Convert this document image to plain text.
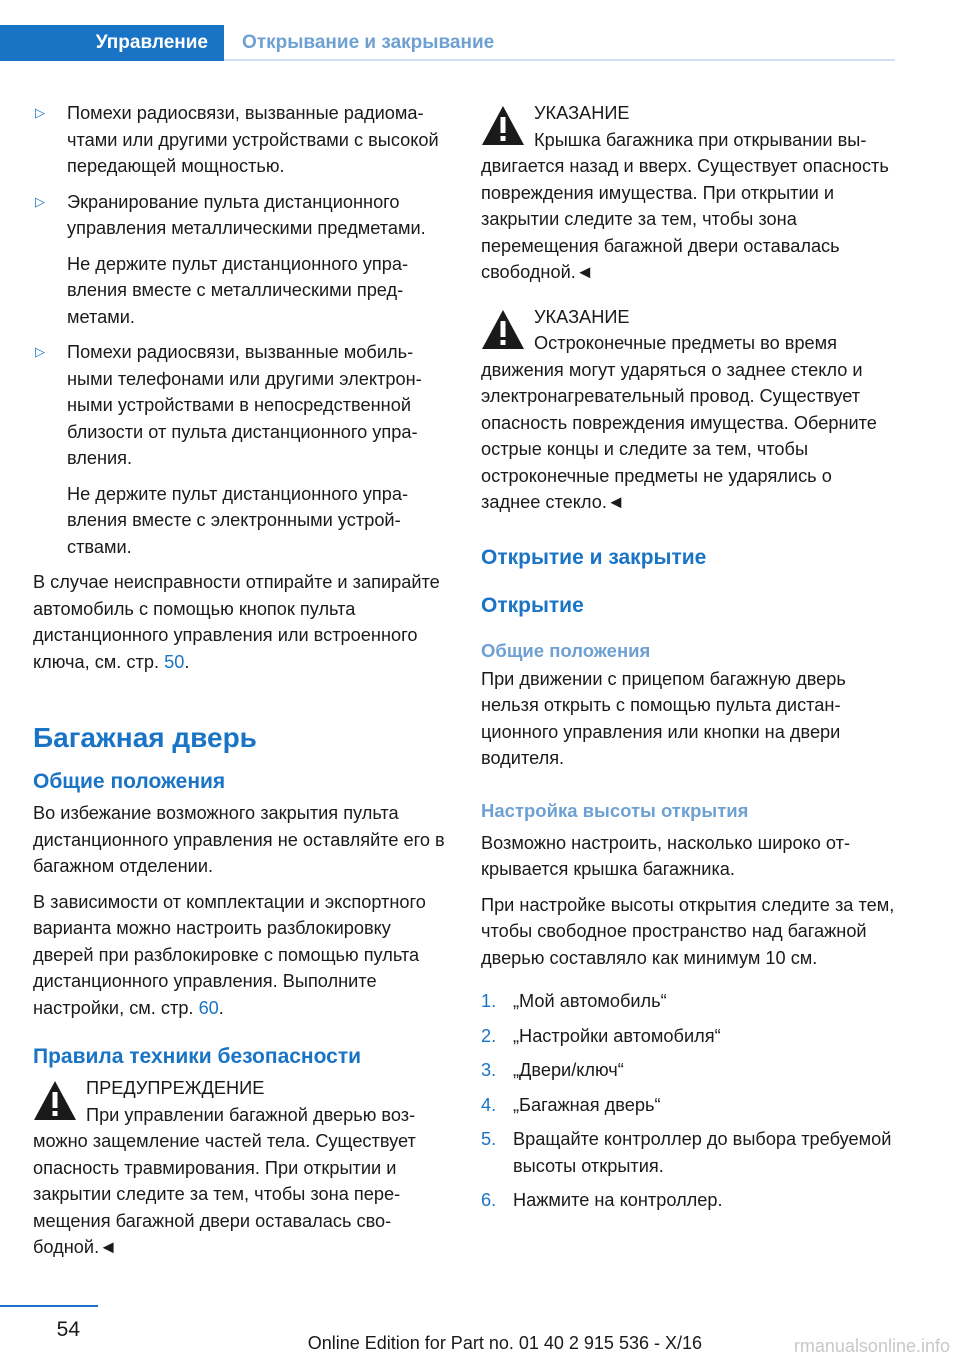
Управление	Открывание и закрывание
▷	Помехи радиосвязи, вызванные радиомачтами или другими устройствами с высокой передающей мощностью.

▷	Экранирование пульта дистанционного управления металлическими предметами.

Не держите пульт дистанционного управления вместе с металлическими предметами.

▷	Помехи радиосвязи, вызванные мобильными телефонами или другими электронными устройствами в непосредственной близости от пульта дистанционного управления.

Не держите пульт дистанционного управления вместе с электронными устройствами.

В случае неисправности отпирайте и запирайте автомобиль с помощью кнопок пульта дистанционного управления или встроенного ключа, см. стр. 50.

Багажная дверь
Общие положения

Во избежание возможного закрытия пульта дистанционного управления не оставляйте его в багажном отделении.

В зависимости от комплектации и экспортного варианта можно настроить разблокировку дверей при разблокировке с помощью пульта дистанционного управления. Выполните настройки, см. стр. 60.

Правила техники безопасности
ПРЕДУПРЕЖДЕНИЕ
При управлении багажной дверью возможно защемление частей тела. Существует опасность травмирования. При открытии и закрытии следите за тем, чтобы зона перемещения багажной двери оставалась свободной.◄
УКАЗАНИЕ
Крышка багажника при открывании выдвигается назад и вверх. Существует опасность повреждения имущества. При открытии и закрытии следите за тем, чтобы зона перемещения багажной двери оставалась свободной.◄
УКАЗАНИЕ
Остроконечные предметы во время движения могут ударяться о заднее стекло и электронагревательный провод. Существует опасность повреждения имущества. Оберните острые концы и следите за тем, чтобы остроконечные предметы не ударялись о заднее стекло.◄
Открытие и закрытие
Открытие
Общие положения

При движении с прицепом багажную дверь нельзя открыть с помощью пульта дистанционного управления или кнопки на двери водителя.

Настройка высоты открытия

Возможно настроить, насколько широко открывается крышка багажника.

При настройке высоты открытия следите за тем, чтобы свободное пространство над багажной дверью составляло как минимум 10 см.

1. „Мой автомобиль“
2. „Настройки автомобиля“
3. „Двери/ключ“
4. „Багажная дверь“
5. Вращайте контроллер до выбора требуемой высоты открытия.
6. Нажмите на контроллер.
54
Online Edition for Part no. 01 40 2 915 536 - X/16	rmanualsonline.info
